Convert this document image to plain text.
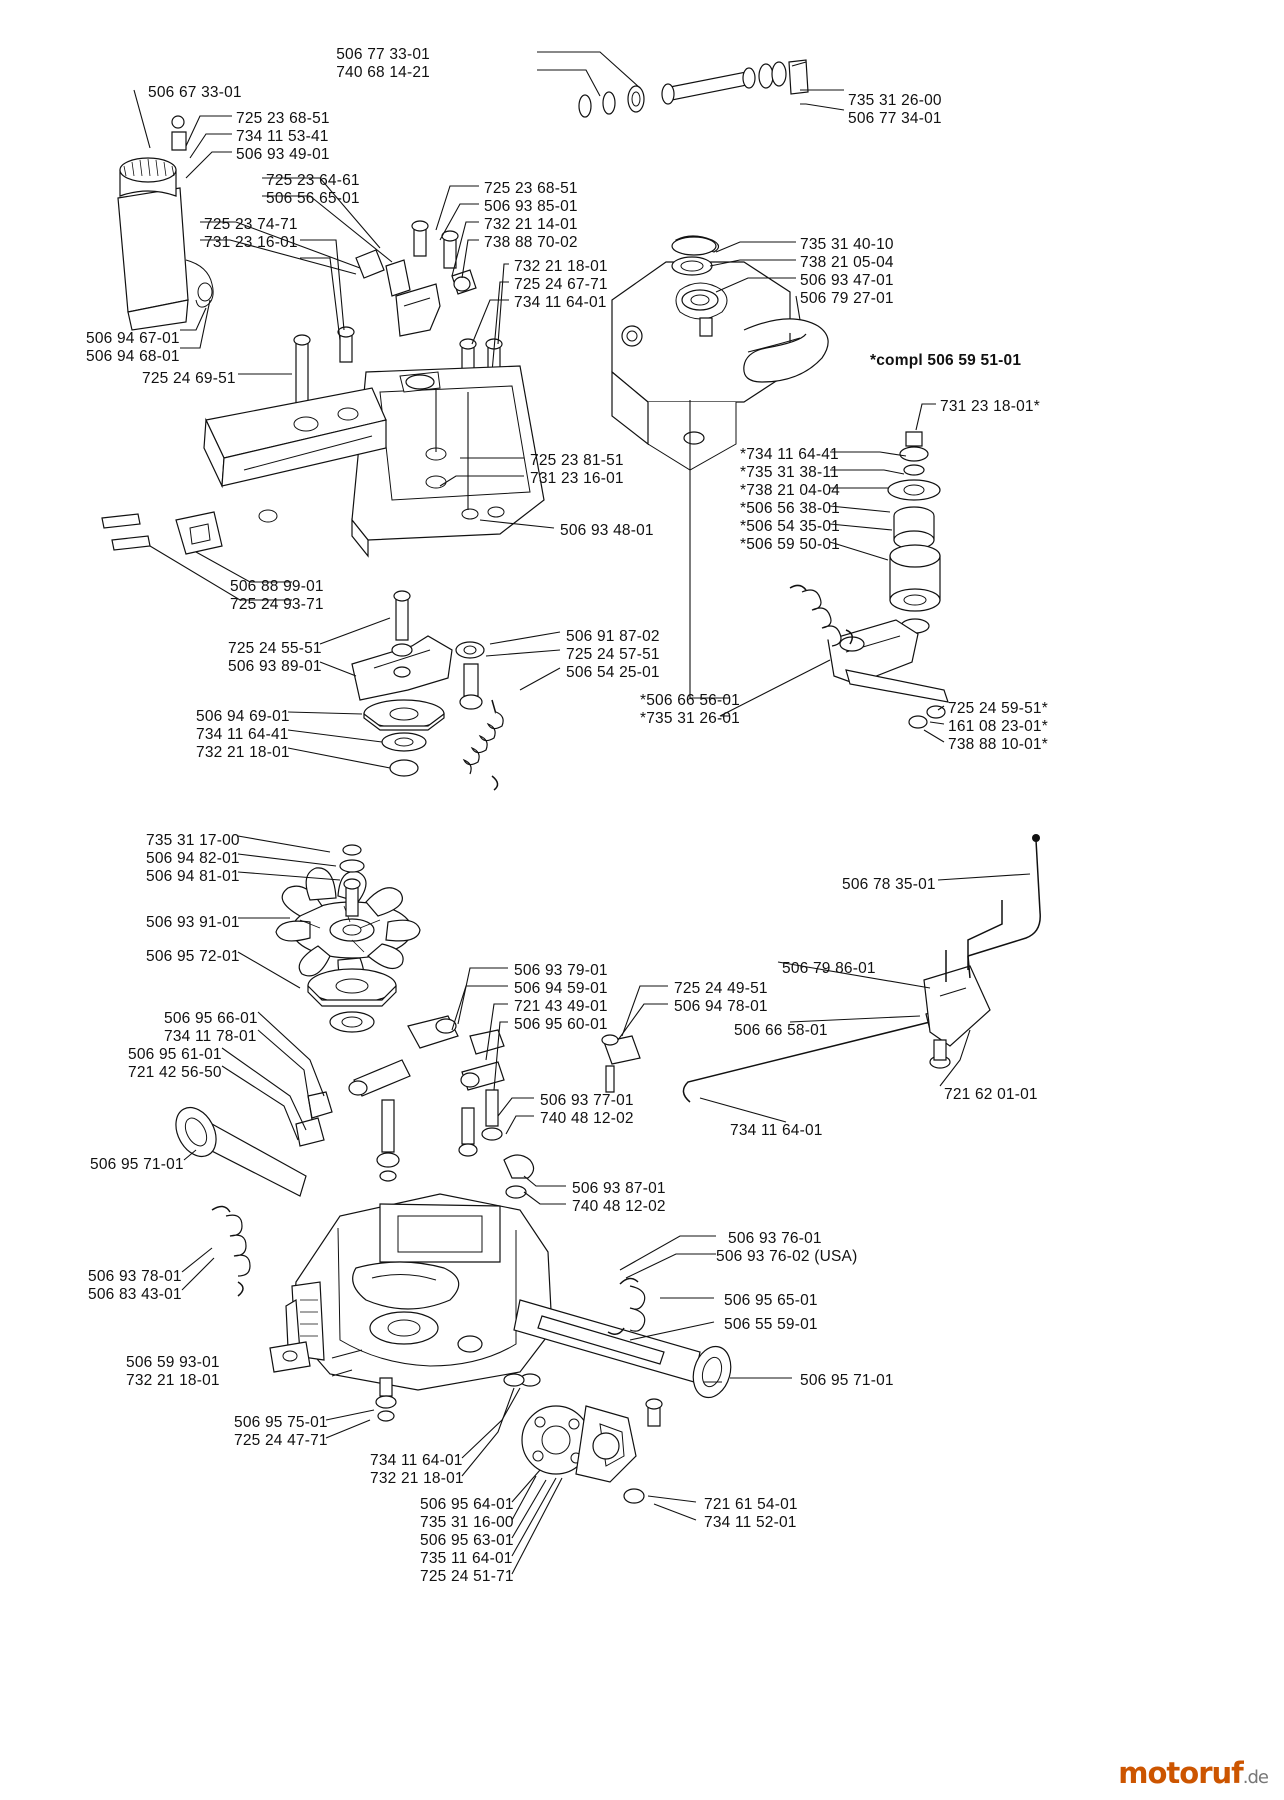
506 77 33-01
740 68 14-21
735 31 26-00
506 77 34-01
506 67 33-01
725 23 68-51
734 11 53-41
506 93 49-01
725 23 64-61
506 56 65-01
725 23 68-51
506 93 85-01
732 21 14-01
738 88 70-02
732 21 18-01
725 24 67-71
734 11 64-01
725 23 74-71
731 23 16-01
506 94 67-01
506 94 68-01
725 24 69-51
735 31 40-10
738 21 05-04
506 93 47-01
506 79 27-01
725 23 81-51
731 23 16-01
506 93 48-01
506 88 99-01
725 24 93-71
725 24 55-51
506 93 89-01
506 91 87-02
725 24 57-51
506 54 25-01
506 94 69-01
734 11 64-41
732 21 18-01
731 23 18-01*
*734 11 64-41
*735 31 38-11
*738 21 04-04
*506 56 38-01
*506 54 35-01
*506 59 50-01
*506 66 56-01
*735 31 26-01
725 24 59-51*
161 08 23-01*
738 88 10-01*
735 31 17-00
506 94 82-01
506 94 81-01
506 93 91-01
506 95 72-01
506 95 66-01
734 11 78-01
506 95 61-01
721 42 56-50
506 95 71-01
506 93 78-01
506 83 43-01
506 59 93-01
732 21 18-01
506 95 75-01
725 24 47-71
734 11 64-01
732 21 18-01
506 95 64-01
735 31 16-00
506 95 63-01
735 11 64-01
725 24 51-71
506 93 79-01
506 94 59-01
721 43 49-01
506 95 60-01
506 93 77-01
740 48 12-02
506 93 87-01
740 48 12-02
725 24 49-51
506 94 78-01
506 66 58-01
734 11 64-01
506 78 35-01
506 79 86-01
721 62 01-01
506 93 76-01
506 93 76-02 (USA)
506 95 65-01
506 55 59-01
506 95 71-01
721 61 54-01
734 11 52-01
*compl 506 59 51-01
motoruf.de
